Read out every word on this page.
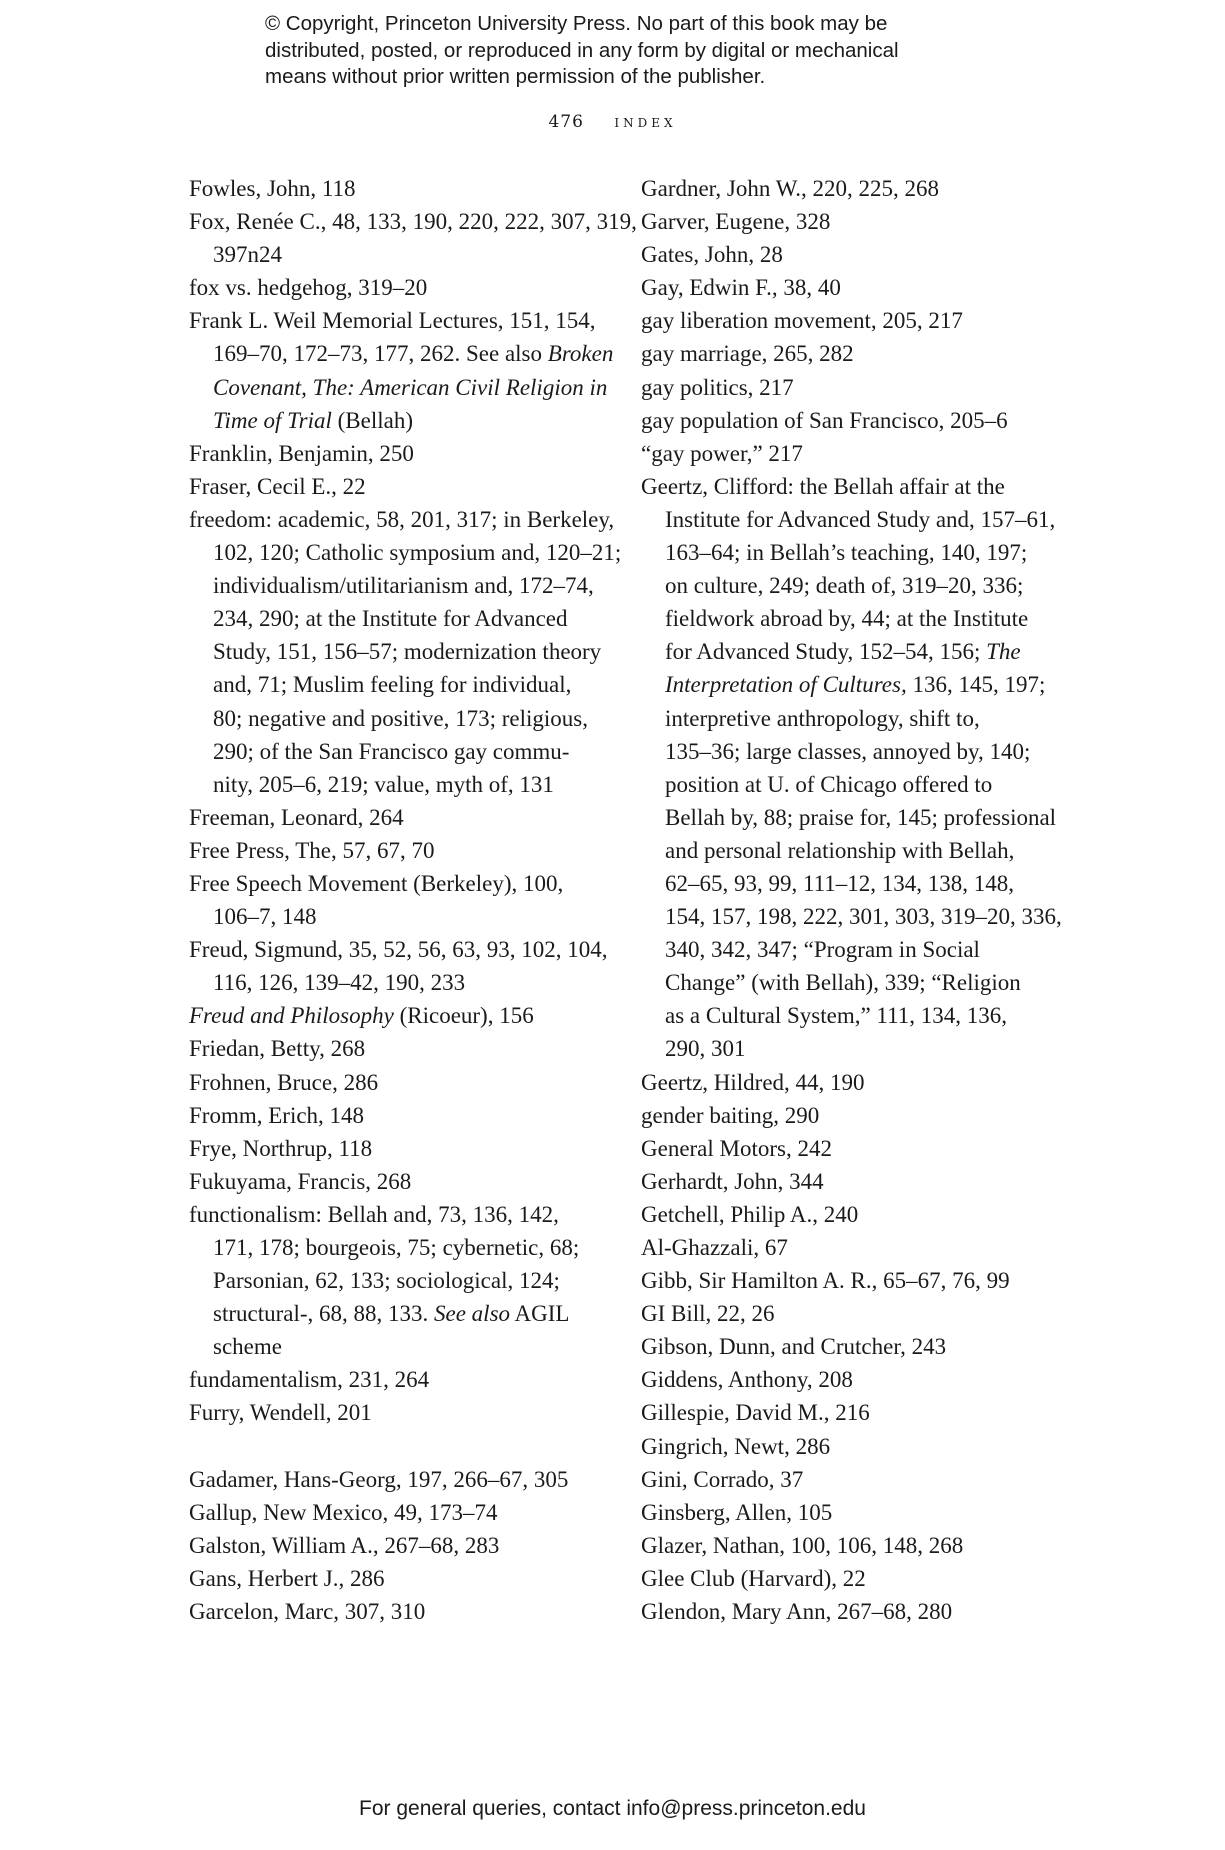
© Copyright, Princeton University Press. No part of this book may be
distributed, posted, or reproduced in any form by digital or mechanical
means without prior written permission of the publisher.
476 index
Fowles, John, 118
Fox, Renée C., 48, 133, 190, 220, 222, 307, 319,
397n24
fox vs. hedgehog, 319–20
Frank L. Weil Memorial Lectures, 151, 154,
169–70, 172–73, 177, 262. See also Broken
Covenant, The: American Civil Religion in
Time of Trial (Bellah)
Franklin, Benjamin, 250
Fraser, Cecil E., 22
freedom: academic, 58, 201, 317; in Berkeley,
102, 120; Catholic symposium and, 120–21;
individualism/utilitarianism and, 172–74,
234, 290; at the Institute for Advanced
Study, 151, 156–57; modernization theory
and, 71; Muslim feeling for individual,
80; negative and positive, 173; religious,
290; of the San Francisco gay commu-
nity, 205–6, 219; value, myth of, 131
Freeman, Leonard, 264
Free Press, The, 57, 67, 70
Free Speech Movement (Berkeley), 100,
106–7, 148
Freud, Sigmund, 35, 52, 56, 63, 93, 102, 104,
116, 126, 139–42, 190, 233
Freud and Philosophy (Ricoeur), 156
Friedan, Betty, 268
Frohnen, Bruce, 286
Fromm, Erich, 148
Frye, Northrup, 118
Fukuyama, Francis, 268
functionalism: Bellah and, 73, 136, 142,
171, 178; bourgeois, 75; cybernetic, 68;
Parsonian, 62, 133; sociological, 124;
structural-, 68, 88, 133. See also AGIL
scheme
fundamentalism, 231, 264
Furry, Wendell, 201
Gadamer, Hans-Georg, 197, 266–67, 305
Gallup, New Mexico, 49, 173–74
Galston, William A., 267–68, 283
Gans, Herbert J., 286
Garcelon, Marc, 307, 310
Gardner, John W., 220, 225, 268
Garver, Eugene, 328
Gates, John, 28
Gay, Edwin F., 38, 40
gay liberation movement, 205, 217
gay marriage, 265, 282
gay politics, 217
gay population of San Francisco, 205–6
“gay power,” 217
Geertz, Clifford: the Bellah affair at the
Institute for Advanced Study and, 157–61,
163–64; in Bellah’s teaching, 140, 197;
on culture, 249; death of, 319–20, 336;
fieldwork abroad by, 44; at the Institute
for Advanced Study, 152–54, 156; The
Interpretation of Cultures, 136, 145, 197;
interpretive anthropology, shift to,
135–36; large classes, annoyed by, 140;
position at U. of Chicago offered to
Bellah by, 88; praise for, 145; professional
and personal relationship with Bellah,
62–65, 93, 99, 111–12, 134, 138, 148,
154, 157, 198, 222, 301, 303, 319–20, 336,
340, 342, 347; “Program in Social
Change” (with Bellah), 339; “Religion
as a Cultural System,” 111, 134, 136,
290, 301
Geertz, Hildred, 44, 190
gender baiting, 290
General Motors, 242
Gerhardt, John, 344
Getchell, Philip A., 240
Al-Ghazzali, 67
Gibb, Sir Hamilton A. R., 65–67, 76, 99
GI Bill, 22, 26
Gibson, Dunn, and Crutcher, 243
Giddens, Anthony, 208
Gillespie, David M., 216
Gingrich, Newt, 286
Gini, Corrado, 37
Ginsberg, Allen, 105
Glazer, Nathan, 100, 106, 148, 268
Glee Club (Harvard), 22
Glendon, Mary Ann, 267–68, 280
For general queries, contact info@press.princeton.edu
